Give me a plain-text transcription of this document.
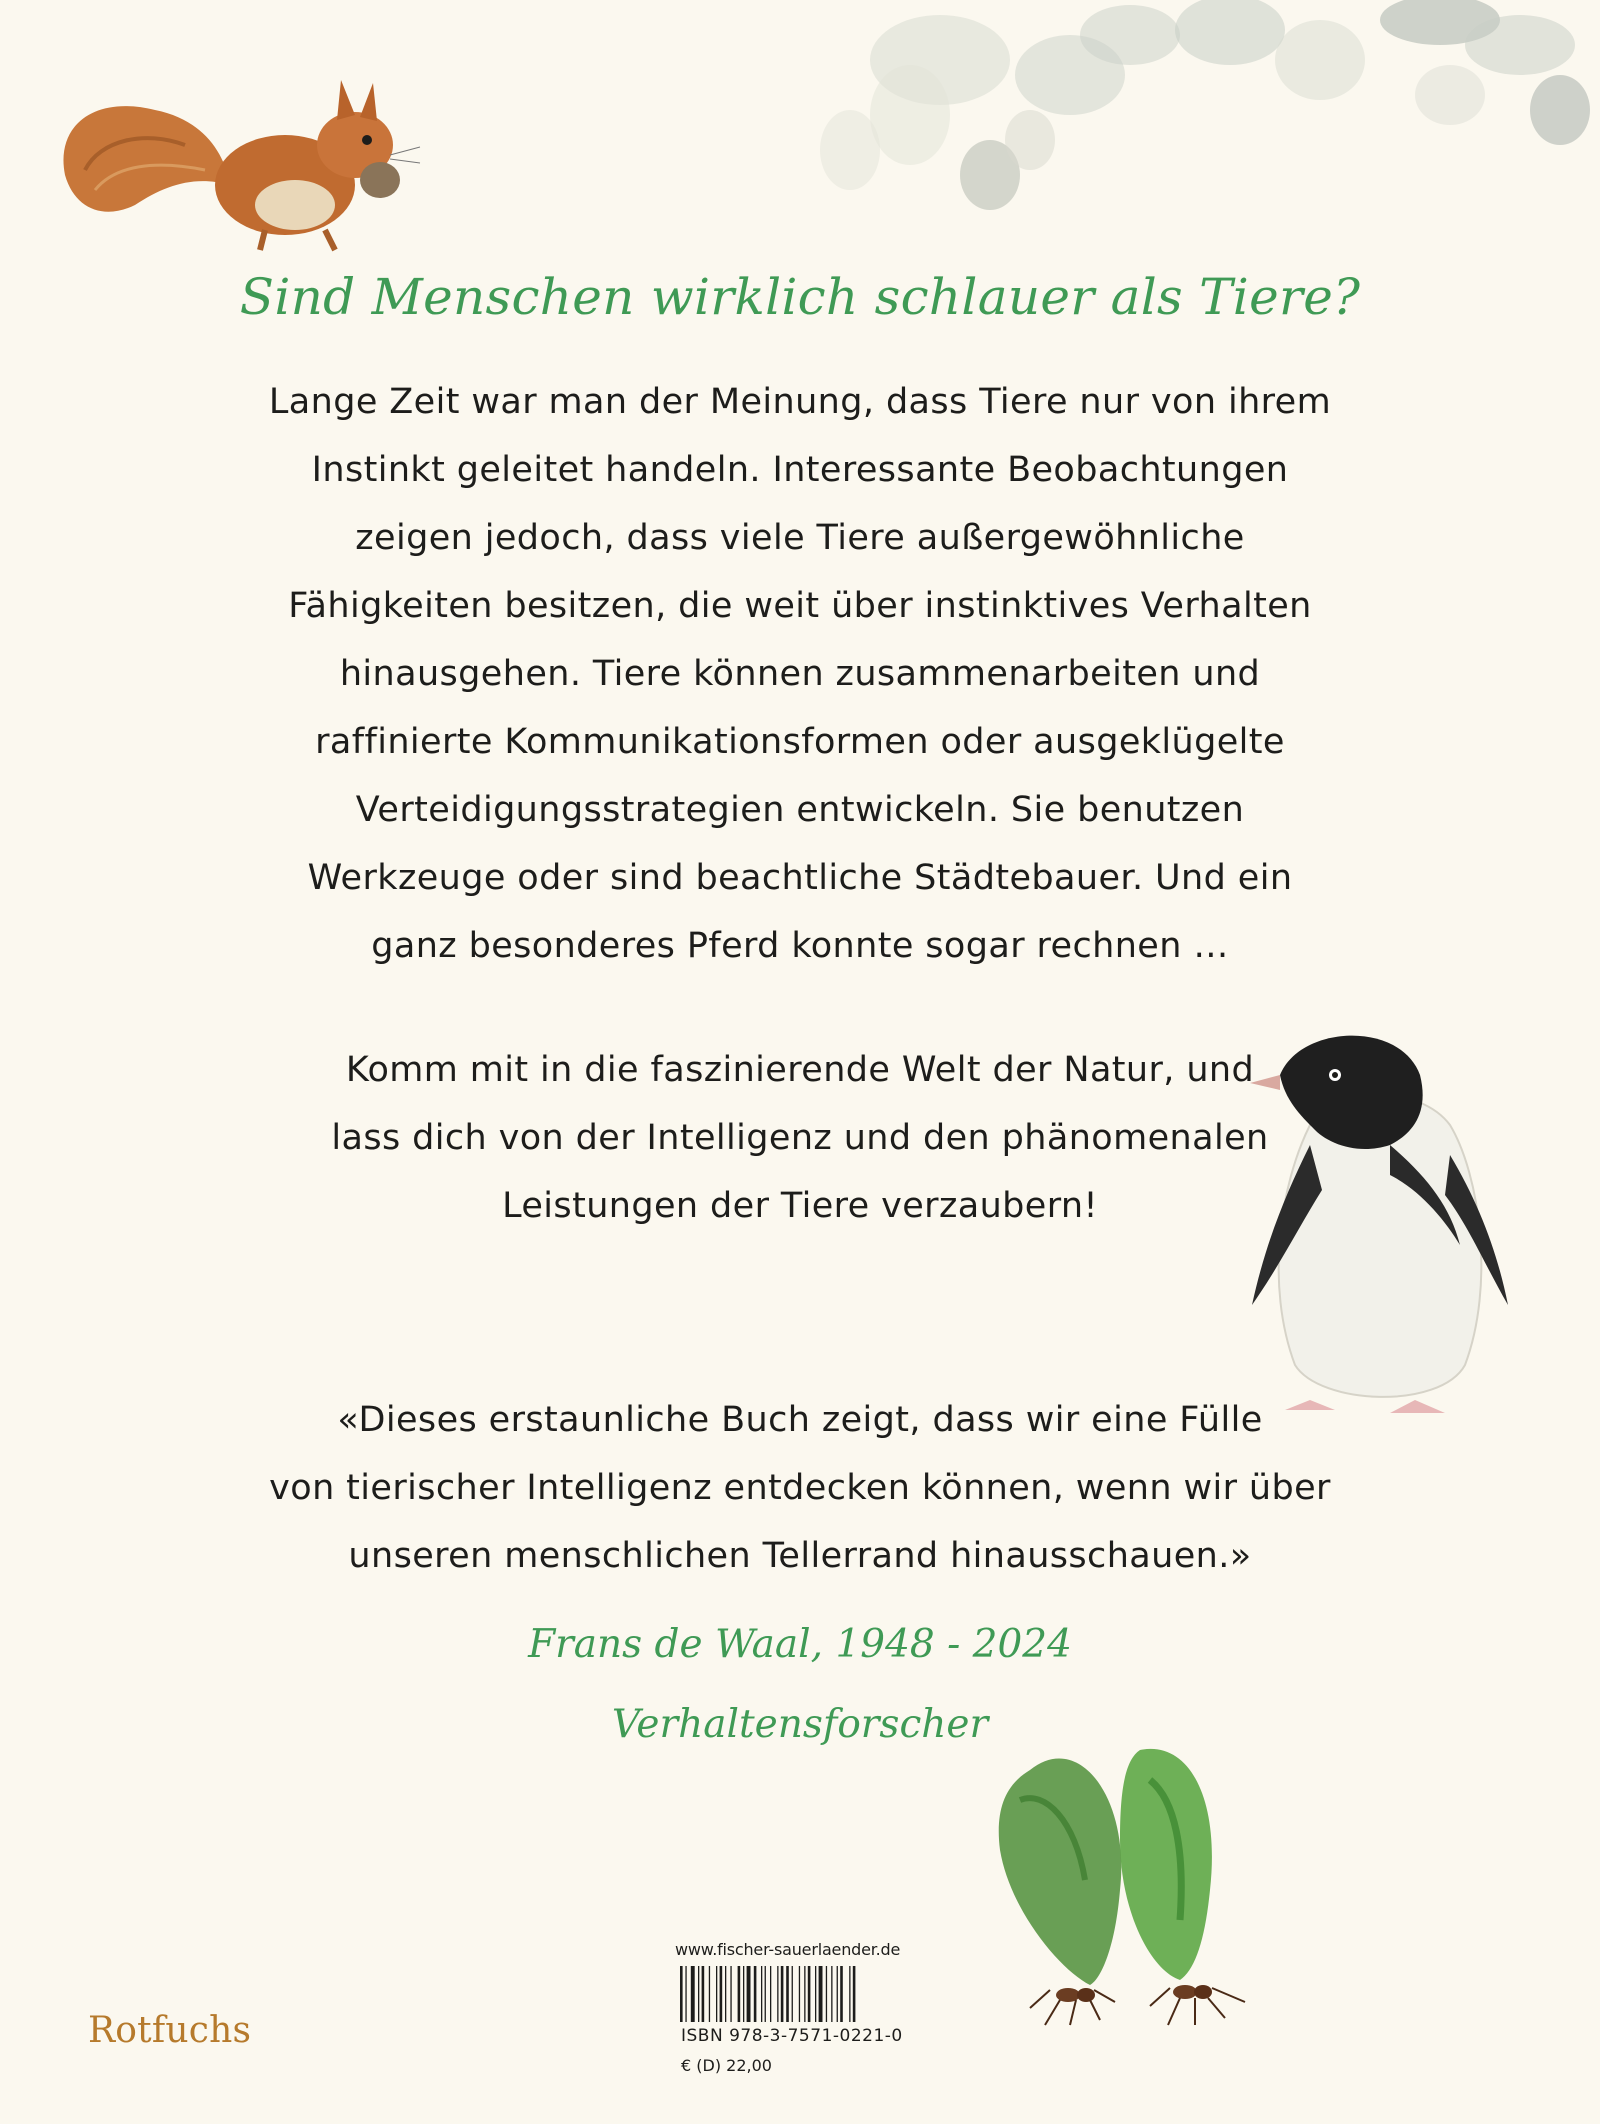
Sind Menschen wirklich schlauer als Tiere?
Lange Zeit war man der Meinung, dass Tiere nur von ihrem
Instinkt geleitet handeln. Interessante Beobachtungen
zeigen jedoch, dass viele Tiere außergewöhnliche
Fähigkeiten besitzen, die weit über instinktives Verhalten
hinausgehen. Tiere können zusammenarbeiten und
raffinierte Kommunikationsformen oder ausgeklügelte
Verteidigungsstrategien entwickeln. Sie benutzen
Werkzeuge oder sind beachtliche Städtebauer. Und ein
ganz besonderes Pferd konnte sogar rechnen …
Komm mit in die faszinierende Welt der Natur, und
lass dich von der Intelligenz und den phänomenalen
Leistungen der Tiere verzaubern!
«Dieses erstaunliche Buch zeigt, dass wir eine Fülle
von tierischer Intelligenz entdecken können, wenn wir über
unseren menschlichen Tellerrand hinausschauen.»
Frans de Waal, 1948 - 2024
Verhaltensforscher
www.fischer-sauerlaender.de
ISBN 978-3-7571-0221-0
€ (D) 22,00
Rotfuchs
